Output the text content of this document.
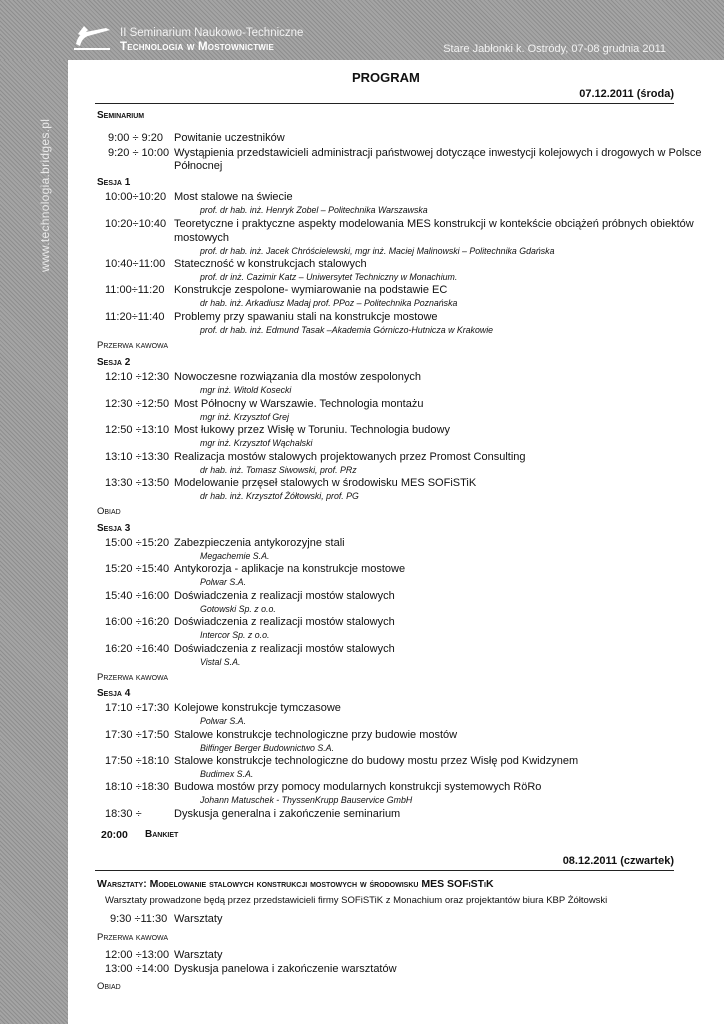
II Seminarium Naukowo-Techniczne
Technologia w Mostownictwie	Stare Jabłonki k. Ostródy, 07-08 grudnia 2011
www.technologia.bridges.pl
PROGRAM
07.12.2011 (środa)
Seminarium
9:00 ÷ 9:20 Powitanie uczestników
9:20 ÷ 10:00 Wystąpienia przedstawicieli administracji państwowej dotyczące inwestycji kolejowych i drogowych w Polsce
Północnej
Sesja 1
10:00÷10:20 Most stalowe na świecie
prof. dr hab. inż. Henryk Zobel – Politechnika Warszawska
10:20÷10:40 Teoretyczne i praktyczne aspekty modelowania MES konstrukcji w kontekście obciążeń próbnych obiektów
mostowych
prof. dr hab. inż. Jacek Chróścielewski, mgr inż. Maciej Malinowski – Politechnika Gdańska
10:40÷11:00 Stateczność w konstrukcjach stalowych
prof. dr inż. Cazimir Katz – Uniwersytet Techniczny w Monachium.
11:00÷11:20 Konstrukcje zespolone- wymiarowanie na podstawie EC
dr hab. inż. Arkadiusz Madaj prof. PPoz – Politechnika Poznańska
11:20÷11:40 Problemy przy spawaniu stali na konstrukcje mostowe
prof. dr hab. inż. Edmund Tasak –Akademia Górniczo-Hutnicza w Krakowie
Przerwa kawowa
Sesja 2
12:10 ÷12:30 Nowoczesne rozwiązania dla mostów zespolonych
mgr inż. Witold Kosecki
12:30 ÷12:50 Most Północny w Warszawie. Technologia montażu
mgr inż. Krzysztof Grej
12:50 ÷13:10 Most łukowy przez Wisłę w Toruniu. Technologia budowy
mgr inż. Krzysztof Wąchalski
13:10 ÷13:30 Realizacja mostów stalowych projektowanych przez Promost Consulting
dr hab. inż. Tomasz Siwowski, prof. PRz
13:30 ÷13:50 Modelowanie przęseł stalowych w środowisku MES SOFiSTiK
dr hab. inż. Krzysztof Żółtowski, prof. PG
Obiad
Sesja 3
15:00 ÷15:20 Zabezpieczenia antykorozyjne stali
Megachemie S.A.
15:20 ÷15:40 Antykorozja - aplikacje na konstrukcje mostowe
Polwar S.A.
15:40 ÷16:00 Doświadczenia z realizacji mostów stalowych
Gotowski Sp. z o.o.
16:00 ÷16:20 Doświadczenia z realizacji mostów stalowych
Intercor Sp. z o.o.
16:20 ÷16:40 Doświadczenia z realizacji mostów stalowych
Vistal S.A.
Przerwa kawowa
Sesja 4
17:10 ÷17:30 Kolejowe konstrukcje tymczasowe
Polwar S.A.
17:30 ÷17:50 Stalowe konstrukcje technologiczne przy budowie mostów
Bilfinger Berger Budownictwo S.A.
17:50 ÷18:10 Stalowe konstrukcje technologiczne do budowy mostu przez Wisłę pod Kwidzynem
Budimex S.A.
18:10 ÷18:30 Budowa mostów przy pomocy modularnych konstrukcji systemowych RöRo
Johann Matuschek - ThyssenKrupp Bauservice GmbH
18:30 ÷	Dyskusja generalna i zakończenie seminarium
20:00 Bankiet
08.12.2011 (czwartek)
Warsztaty: Modelowanie stalowych konstrukcji mostowych w środowisku MES SOFiSTiK
Warsztaty prowadzone będą przez przedstawicieli firmy SOFiSTiK z Monachium oraz projektantów biura KBP Żółtowski
9:30 ÷11:30 Warsztaty
Przerwa kawowa
12:00 ÷13:00 Warsztaty
13:00 ÷14:00 Dyskusja panelowa i zakończenie warsztatów
Obiad
